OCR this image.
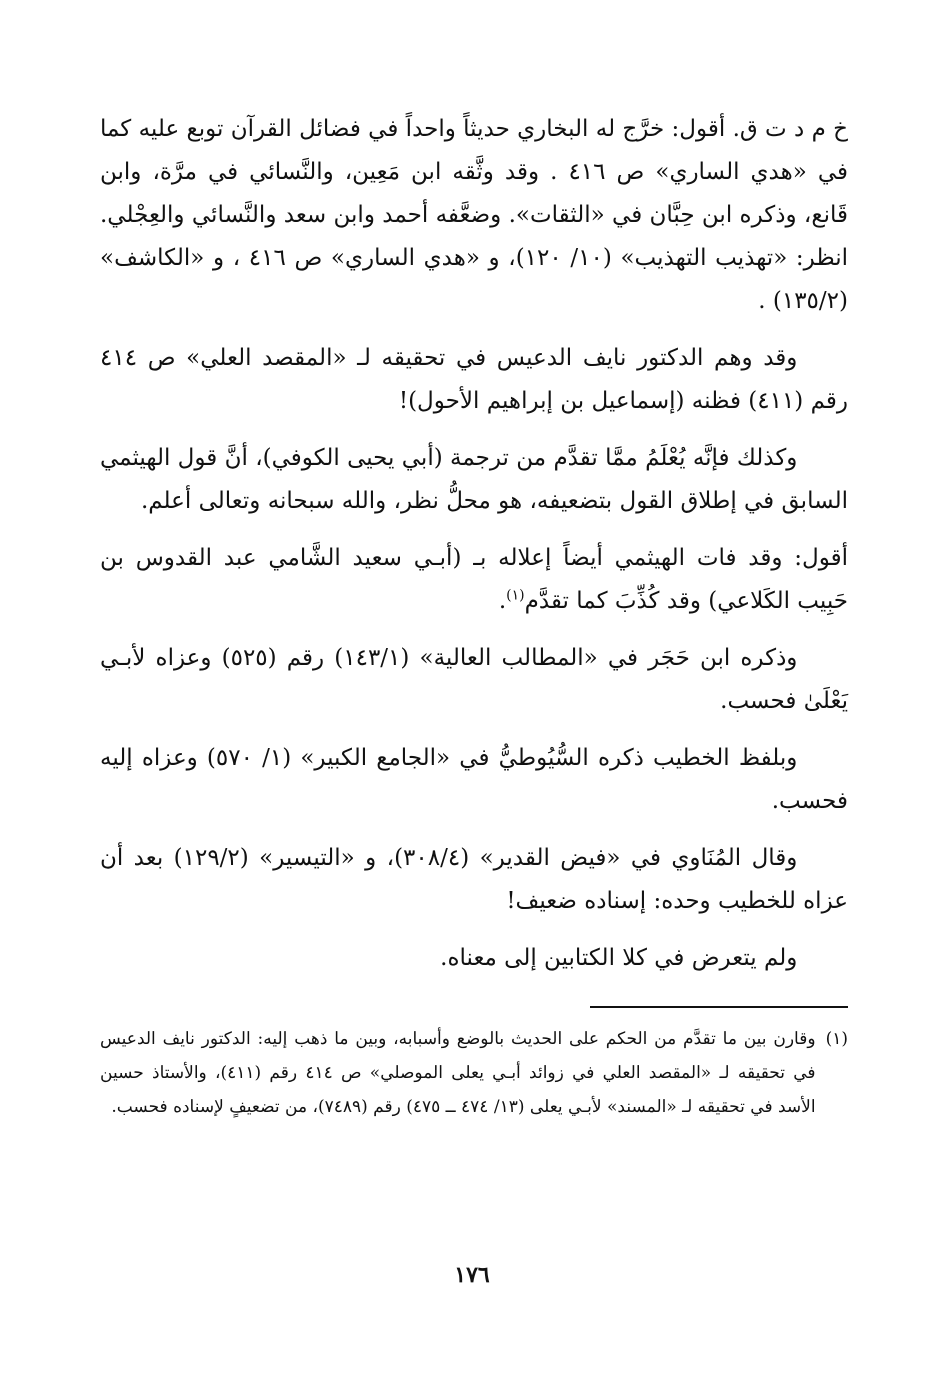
خ م د ت ق. أقول: خرَّج له البخاري حديثاً واحداً في فضائل القرآن توبع عليه كما في «هدي الساري» ص ٤١٦ . وقد وثَّقه ابن مَعِين، والنَّسائي في مرَّة، وابن قَانع، وذكره ابن حِبَّان في «الثقات». وضعَّفه أحمد وابن سعد والنَّسائي والعِجْلي. انظر: «تهذيب التهذيب» (١٠/ ١٢٠)، و «هدي الساري» ص ٤١٦ ، و «الكاشف» (١٣٥/٢) .

وقد وهم الدكتور نايف الدعيس في تحقيقه لـ «المقصد العلي» ص ٤١٤ رقم (٤١١) فظنه (إسماعيل بن إبراهيم الأحول)!

وكذلك فإنَّه يُعْلَمُ ممَّا تقدَّم من ترجمة (أبي يحيى الكوفي)، أنَّ قول الهيثمي السابق في إطلاق القول بتضعيفه، هو محلُّ نظر، والله سبحانه وتعالى أعلم.

أقول: وقد فات الهيثمي أيضاً إعلاله بـ (أبـي سعيد الشَّامي عبد القدوس بن حَبِيب الكَلاعي) وقد كُذِّبَ كما تقدَّم$^{(١)}$.

وذكره ابن حَجَر في «المطالب العالية» (١٤٣/١) رقم (٥٢٥) وعزاه لأبـي يَعْلَىٰ فحسب.

وبلفظ الخطيب ذكره السُّيُوطيُّ في «الجامع الكبير» (١/ ٥٧٠) وعزاه إليه فحسب.

وقال المُنَاوي في «فيض القدير» (٣٠٨/٤)، و «التيسير» (١٢٩/٢) بعد أن عزاه للخطيب وحده: إسناده ضعيف!

ولم يتعرض في كلا الكتابين إلى معناه.

(١)
وقارن بين ما تقدَّم من الحكم على الحديث بالوضع وأسبابه، وبين ما ذهب إليه: الدكتور نايف الدعيس في تحقيقه لـ «المقصد العلي في زوائد أبـي يعلى الموصلي» ص ٤١٤ رقم (٤١١)، والأستاذ حسين الأسد في تحقيقه لـ «المسند» لأبـي يعلى (١٣/ ٤٧٤ ــ ٤٧٥) رقم (٧٤٨٩)، من تضعيفٍ لإسناده فحسب.
١٧٦
